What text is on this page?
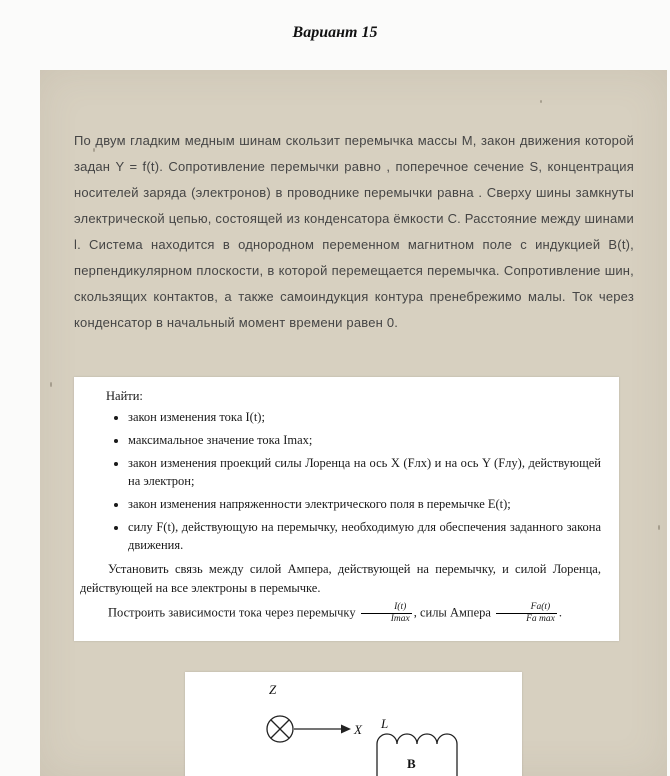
Вариант 15

По двум гладким медным шинам скользит перемычка массы M, закон движения которой задан Y = f(t). Сопротивление перемычки равно , поперечное сечение S, концентрация носителей заряда (электронов) в проводнике перемычки равна . Сверху шины замкнуты электрической цепью, состоящей из конденсатора ёмкости C. Расстояние между шинами l. Система находится в однородном переменном магнитном поле с индукцией B(t), перпендикулярном плоскости, в которой перемещается перемычка. Сопротивление шин, скользящих контактов, а также самоиндукция контура пренебрежимо малы. Ток через конденсатор в начальный момент времени равен 0.

Найти:
• закон изменения тока I(t);
• максимальное значение тока Imax;
• закон изменения проекций силы Лоренца на ось X (Fлx) и на ось Y (Fлy), действующей на электрон;
• закон изменения напряженности электрического поля в перемычке E(t);
• силу F(t), действующую на перемычку, необходимую для обеспечения заданного закона движения.

Установить связь между силой Ампера, действующей на перемычку, и силой Лоренца, действующей на все электроны в перемычке.

Построить зависимости тока через перемычку $\frac{I(t)}{Imax}$ , силы Ампера $\frac{Fа(t)}{\text{Fа max}}$ .

Z
X L
B
